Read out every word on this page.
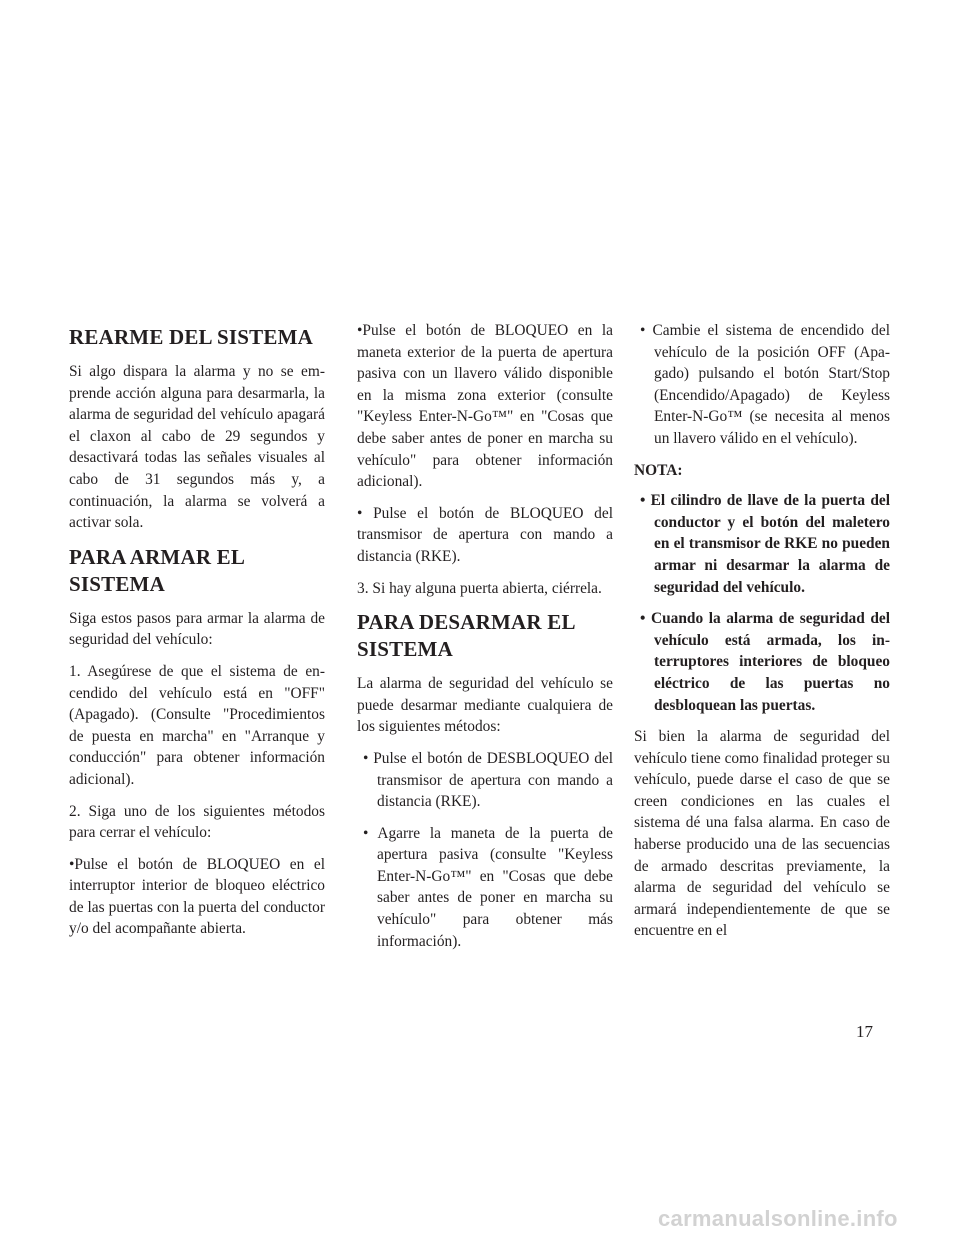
REARME DEL SISTEMA

Si algo dispara la alarma y no se emprende acción alguna para desarmarla, la alarma de seguridad del vehículo apagará el claxon al cabo de 29 segundos y desactivará todas las señales visuales al cabo de 31 segundos más y, a continuación, la alarma se volverá a activar sola.

PARA ARMAR EL SISTEMA

Siga estos pasos para armar la alarma de seguridad del vehículo:

1. Asegúrese de que el sistema de encendido del vehículo está en "OFF" (Apagado). (Consulte "Procedimientos de puesta en marcha" en "Arranque y conducción" para obtener información adicional).

2. Siga uno de los siguientes métodos para cerrar el vehículo:

•Pulse el botón de BLOQUEO en el interruptor interior de bloqueo eléctrico de las puertas con la puerta del conductor y/o del acompañante abierta.

•Pulse el botón de BLOQUEO en la maneta exterior de la puerta de apertura pasiva con un llavero válido disponible en la misma zona exterior (consulte "Keyless Enter-N-Go™" en "Cosas que debe saber antes de poner en marcha su vehículo" para obtener información adicional).

• Pulse el botón de BLOQUEO del transmisor de apertura con mando a distancia (RKE).

3. Si hay alguna puerta abierta, ciérrela.

PARA DESARMAR EL SISTEMA

La alarma de seguridad del vehículo se puede desarmar mediante cualquiera de los siguientes métodos:

• Pulse el botón de DESBLOQUEO del transmisor de apertura con mando a distancia (RKE).

• Agarre la maneta de la puerta de apertura pasiva (consulte "Keyless Enter-N-Go™" en "Cosas que debe saber antes de poner en marcha su vehículo" para obtener más información).

• Cambie el sistema de encendido del vehículo de la posición OFF (Apagado) pulsando el botón Start/Stop (Encendido/Apagado) de Keyless Enter-N-Go™ (se necesita al menos un llavero válido en el vehículo).

NOTA:

• El cilindro de llave de la puerta del conductor y el botón del maletero en el transmisor de RKE no pueden armar ni desarmar la alarma de seguridad del vehículo.

• Cuando la alarma de seguridad del vehículo está armada, los interruptores interiores de bloqueo eléctrico de las puertas no desbloquean las puertas.

Si bien la alarma de seguridad del vehículo tiene como finalidad proteger su vehículo, puede darse el caso de que se creen condiciones en las cuales el sistema dé una falsa alarma. En caso de haberse producido una de las secuencias de armado descritas previamente, la alarma de seguridad del vehículo se armará independientemente de que se encuentre en el

17
carmanualsonline.info
